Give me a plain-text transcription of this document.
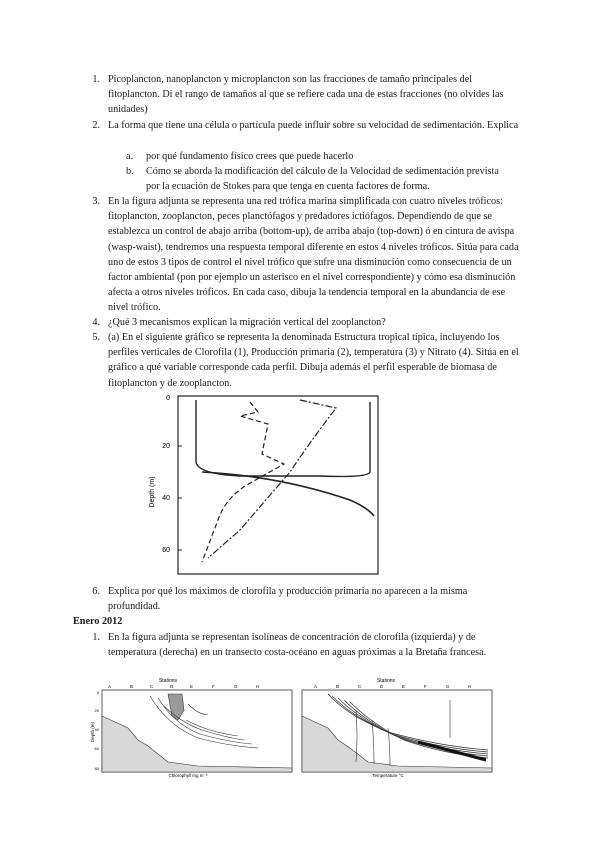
1. Picoplancton, nanoplancton y microplancton son las fracciones de tamaño principales del fitoplancton. Di el rango de tamaños al que se refiere cada una de estas fracciones (no olvides las unidades)
2. La forma que tiene una célula o partícula puede influir sobre su velocidad de sedimentación. Explica
a.	por qué fundamento físico crees que puede hacerlo
b.	Cómo se aborda la modificación del cálculo de la Velocidad de sedimentación prevista por la ecuación de Stokes para que tenga en cuenta factores de forma.
3. En la figura adjunta se representa una red trófica marina simplificada con cuatro niveles tróficos: fitoplancton, zooplancton, peces planctófagos y predadores ictiófagos. Dependiendo de que se establezca un control de abajo arriba (bottom-up), de arriba abajo (top-down) ó en cintura de avispa (wasp-waist), tendremos una respuesta temporal diferente en estos 4 niveles tróficos. Sitúa para cada uno de estos 3 tipos de control el nivel trófico que sufre una disminución como consecuencia de un factor ambiental (pon por ejemplo un asterisco en el nivel correspondiente) y cómo esa disminución afecta a otros niveles tróficos. En cada caso, dibuja la tendencia temporal en la abundancia de ese nivel trófico.
4. ¿Qué 3 mecanismos explican la migración vertical del zooplancton?
5. (a) En el siguiente gráfico se representa la denominada Estructura tropical típica, incluyendo los perfiles verticales de Clorofila (1), Producción primaria (2), temperatura (3) y Nitrato (4). Sitúa en el gráfico a qué variable corresponde cada perfil. Dibuja además el perfil esperable de biomasa de fitoplancton y de zooplancton.
Depth (m)
0
20
40
60
6. Explica por qué los máximos de clorofila y producción primaria no aparecen a la misma profundidad.
Enero 2012
1. En la figura adjunta se representan isolíneas de concentración de clorofila (izquierda) y de temperatura (derecha) en un transecto costa-océano en aguas próximas a la Bretaña francesa.
Stations
A	B	C	D	E	F	G	H
Depth (m)
0
20
40
60
80
Chlorophyll mg m⁻³
Stations
A	B	C	D	E	F	G	H
Temperature °C
